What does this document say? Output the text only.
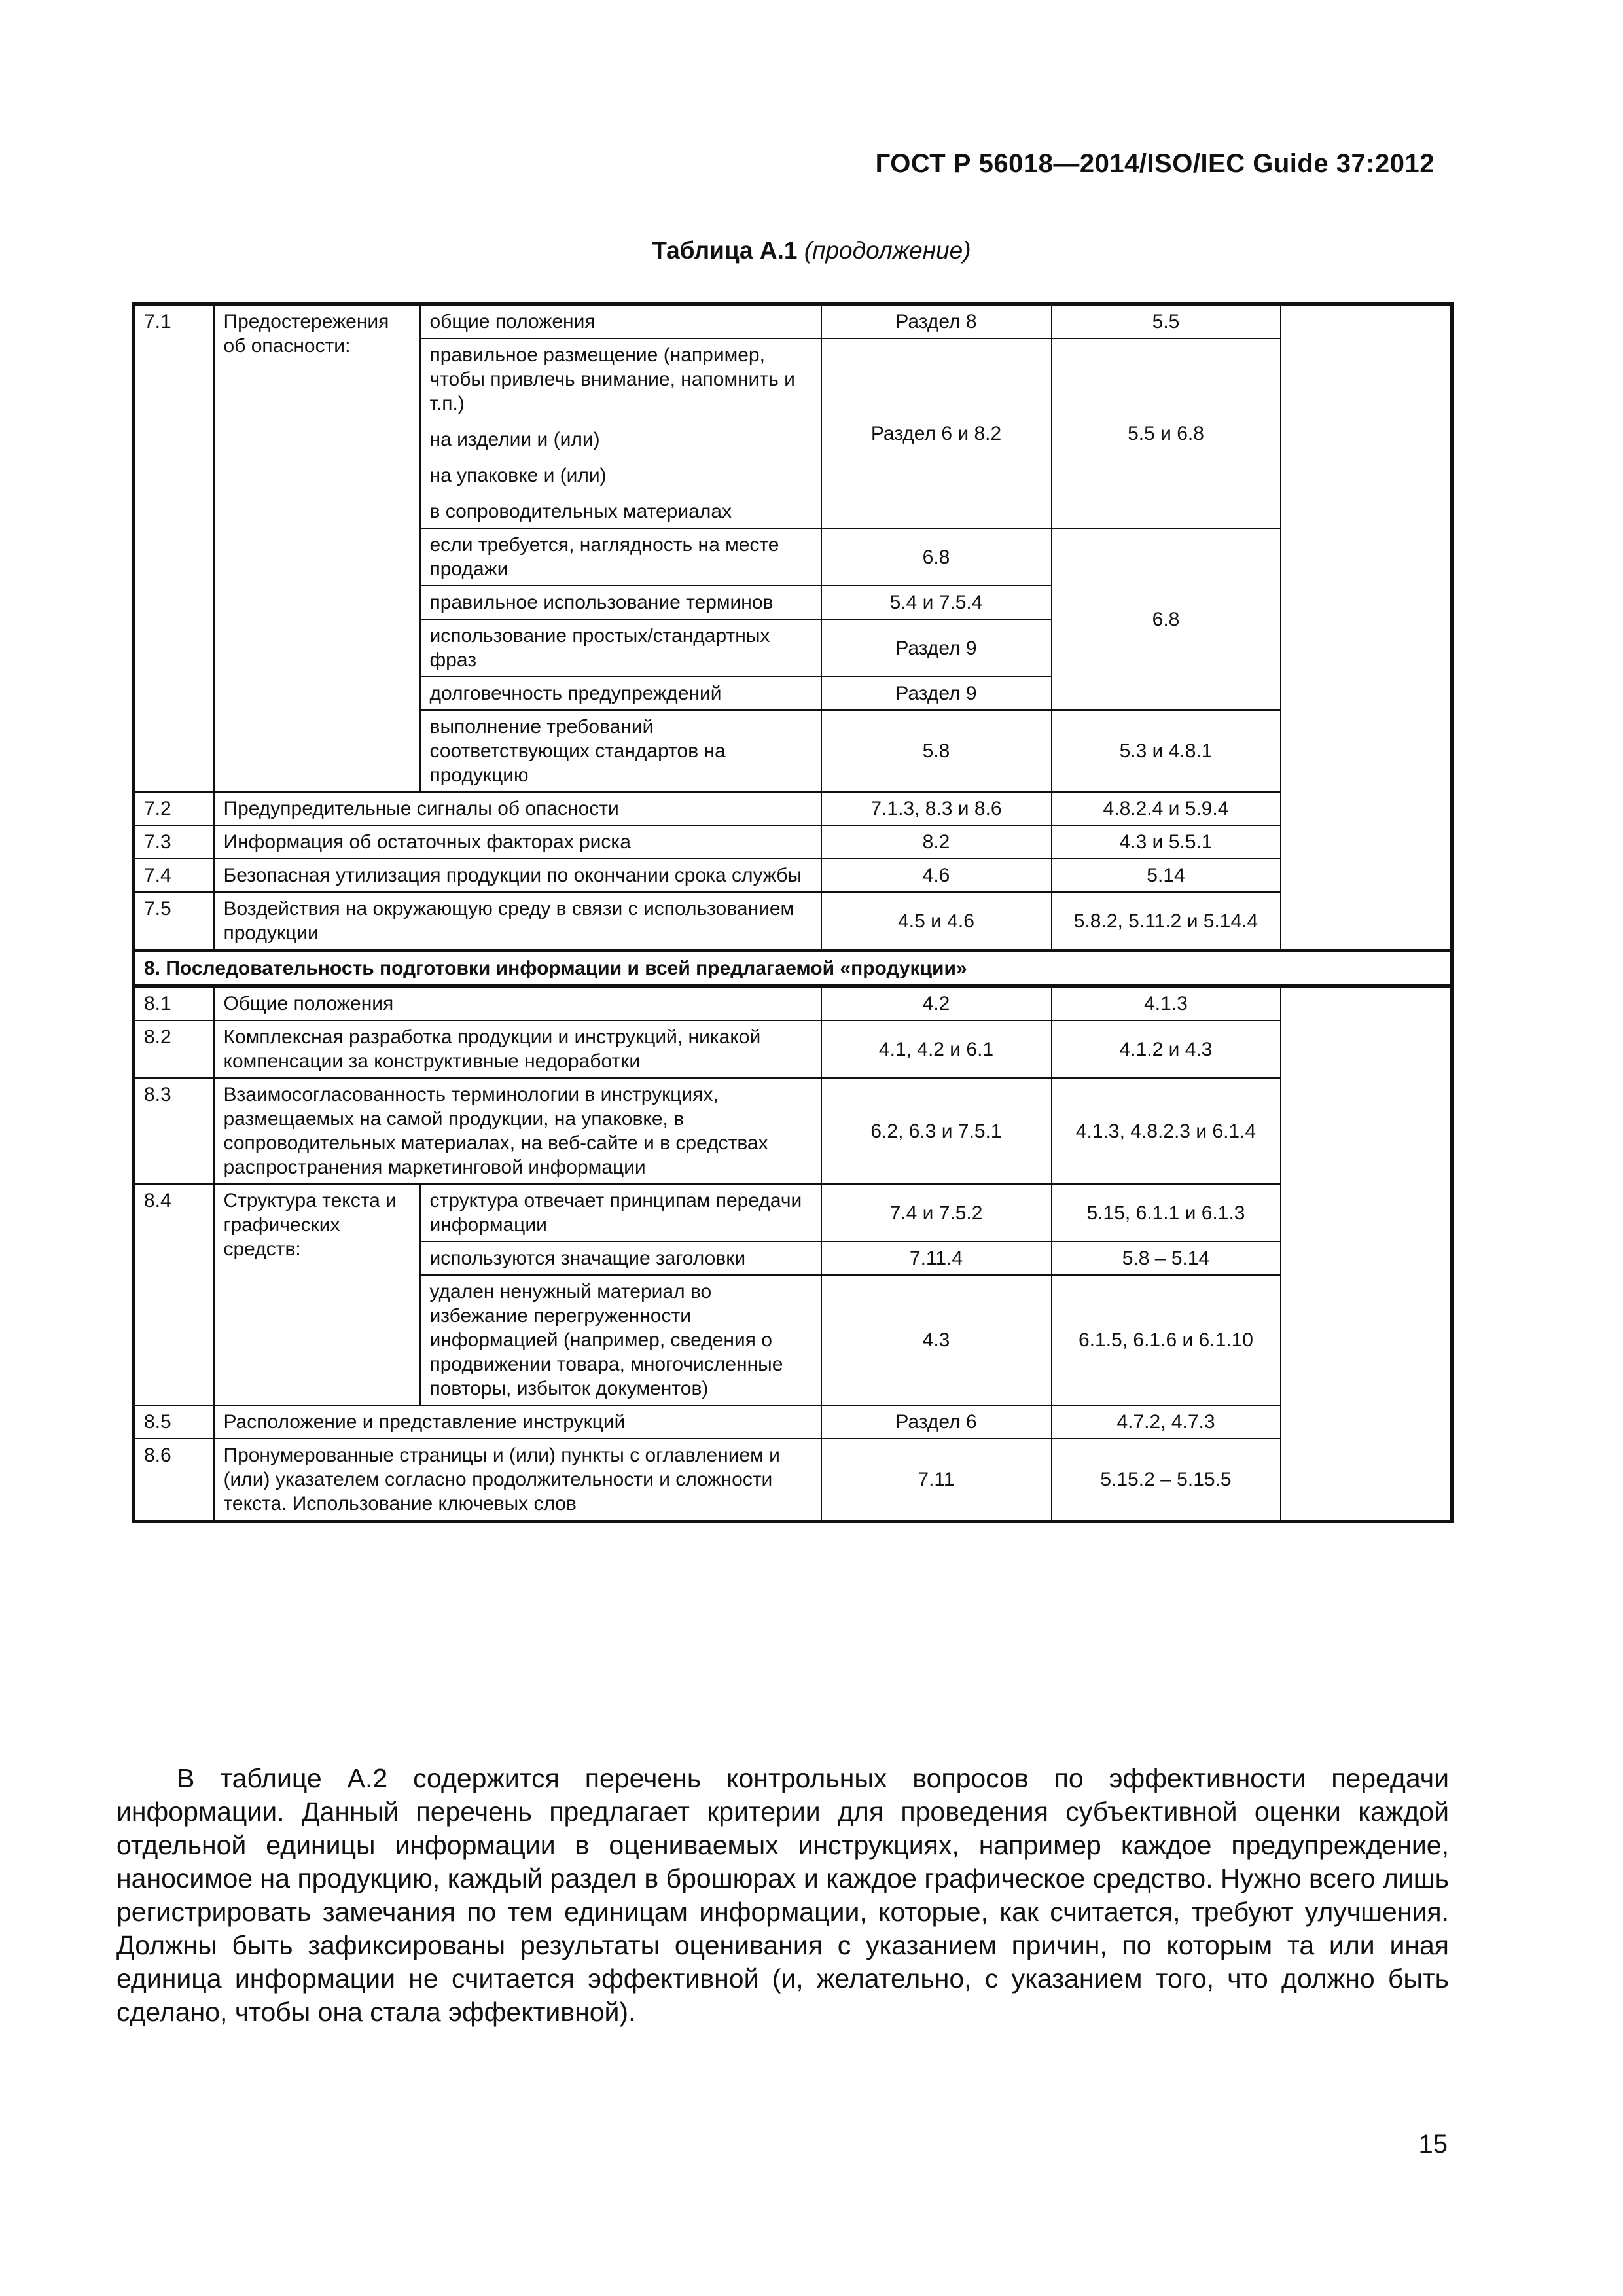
ГОСТ Р 56018—2014/ISO/IEC Guide 37:2012
Таблица А.1 (продолжение)
7.1	Предостережения об опасности:	общие положения	Раздел 8	5.5	

		правильное размещение (например, чтобы привлечь внимание, напомнить и т.п.)

на изделии и (или)

на упаковке и (или)

в сопроводительных материалах	Раздел 6 и 8.2	5.5 и 6.8	
		если требуется, наглядность на месте продажи	6.8	6.8	
		правильное использование терминов	5.4 и 7.5.4		
		использование простых/стандартных фраз	Раздел 9		
		долговечность предупреждений	Раздел 9		
		выполнение требований соответствующих стандартов на продукцию	5.8	5.3 и 4.8.1	
7.2	Предупредительные сигналы об опасности		7.1.3, 8.3 и 8.6	4.8.2.4 и 5.9.4	
7.3	Информация об остаточных факторах риска		8.2	4.3 и 5.5.1	
7.4	Безопасная утилизация продукции по окончании срока службы		4.6	5.14	
7.5	Воздействия на окружающую среду в связи с использованием продукции		4.5 и 4.6	5.8.2, 5.11.2 и 5.14.4	
8. Последовательность подготовки информации и всей предлагаемой «продукции»					
8.1	Общие положения		4.2	4.1.3	
8.2	Комплексная разработка продукции и инструкций, никакой компенсации за конструктивные недоработки		4.1, 4.2 и 6.1	4.1.2 и 4.3	
8.3	Взаимосогласованность терминологии в инструкциях, размещаемых на самой продукции, на упаковке, в сопроводительных материалах, на веб-сайте и в средствах распространения маркетинговой информации		6.2, 6.3 и 7.5.1	4.1.3, 4.8.2.3 и 6.1.4	
8.4	Структура текста и графических средств:	структура отвечает принципам передачи информации	7.4 и 7.5.2	5.15, 6.1.1 и 6.1.3	
		используются значащие заголовки	7.11.4	5.8 – 5.14	
		удален ненужный материал во избежание перегруженности информацией (например, сведения о продвижении товара, многочисленные повторы, избыток документов)	4.3	6.1.5, 6.1.6 и 6.1.10	
8.5	Расположение и представление инструкций		Раздел 6	4.7.2, 4.7.3	
8.6	Пронумерованные страницы и (или) пункты с оглавлением и (или) указателем согласно продолжительности и сложности текста. Использование ключевых слов		7.11	5.15.2 – 5.15.5	

В таблице А.2 содержится перечень контрольных вопросов по эффективности передачи информации. Данный перечень предлагает критерии для проведения субъективной оценки каждой отдельной единицы информации в оцениваемых инструкциях, например каждое предупреждение, наносимое на продукцию, каждый раздел в брошюрах и каждое графическое средство. Нужно всего лишь регистрировать замечания по тем единицам информации, которые, как считается, требуют улучшения. Должны быть зафиксированы результаты оценивания с указанием причин, по которым та или иная единица информации не считается эффективной (и, желательно, с указанием того, что должно быть сделано, чтобы она стала эффективной).

15
